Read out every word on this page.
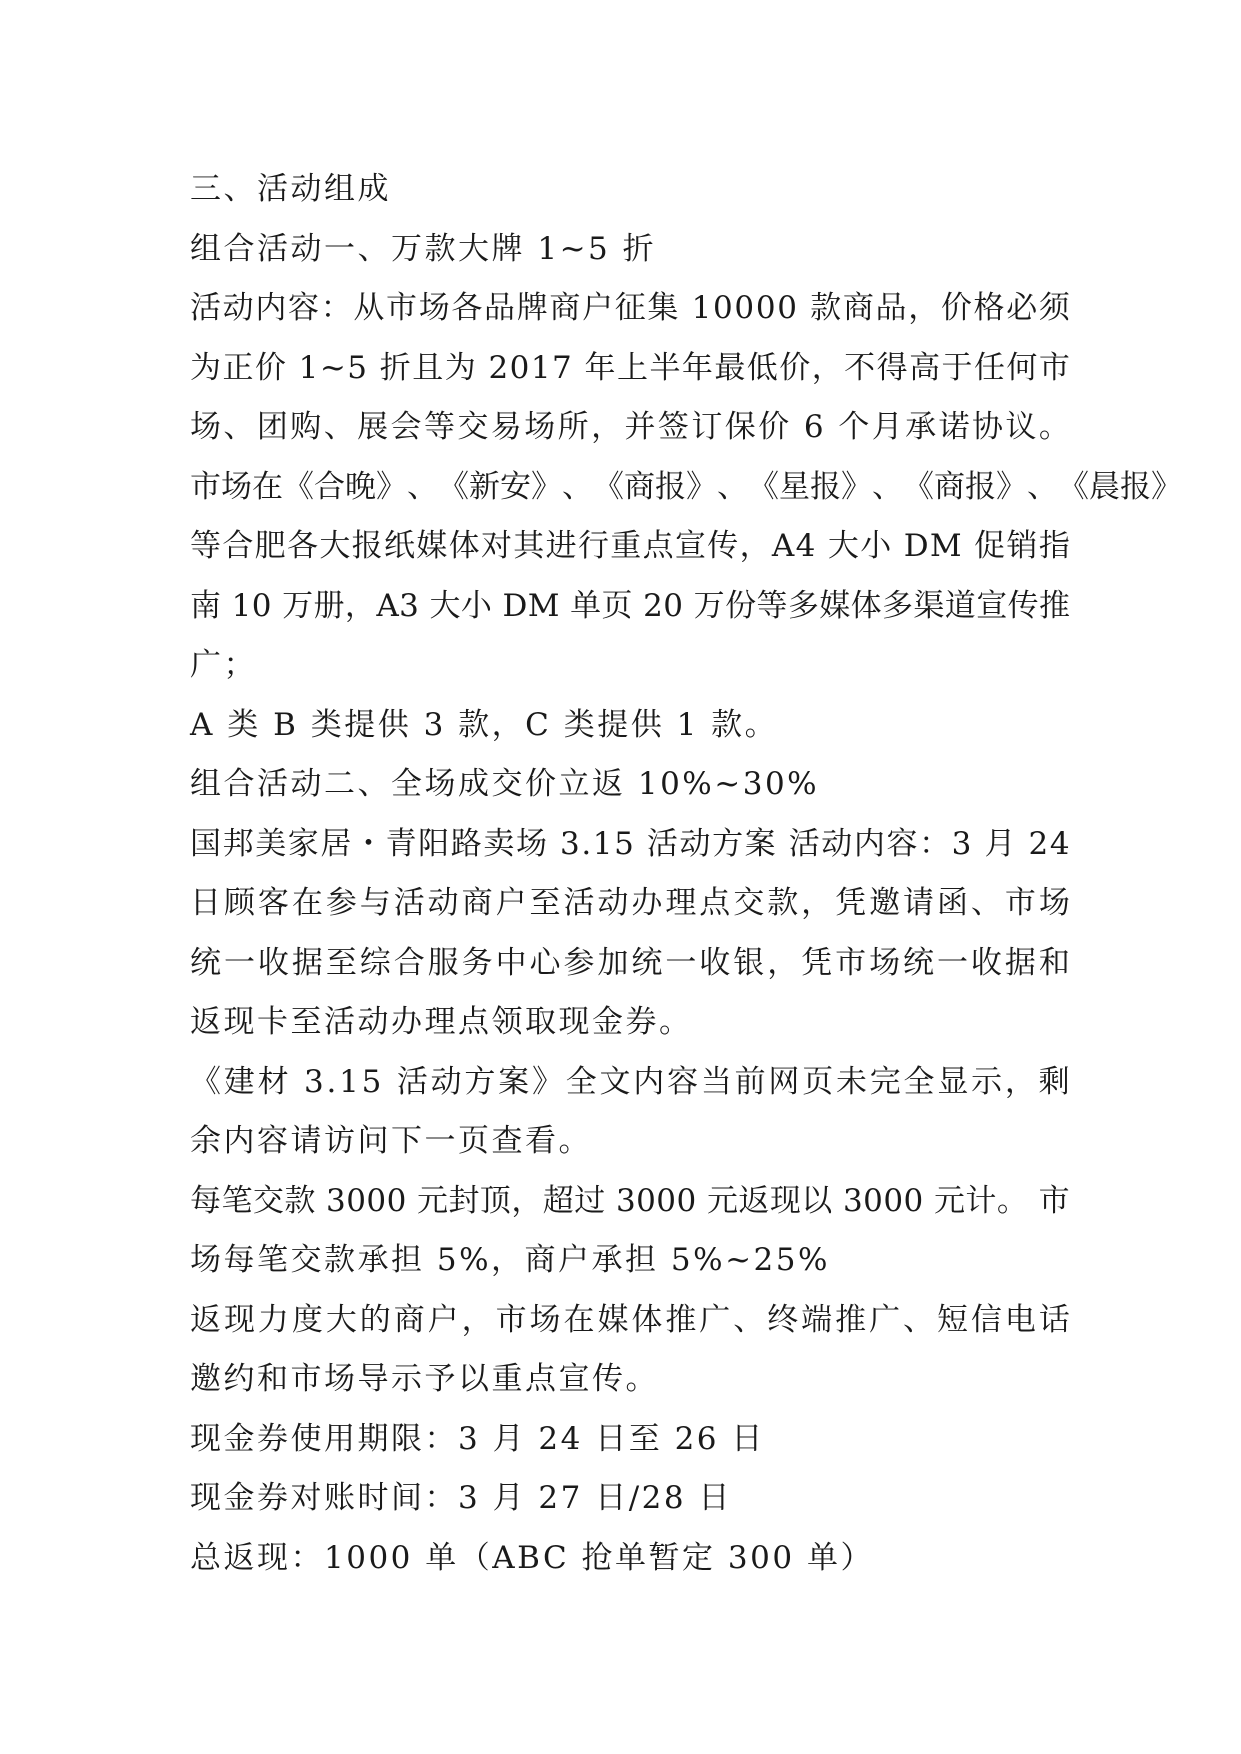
三、活动组成
组合活动一、万款大牌 1~5 折
活 动 内 容 ： 从 市 场 各 品 牌 商 户 征 集
1 0 0 0 0
款 商 品 ， 价 格 必 须
为 正 价
1 ~ 5
折 且 为
2 0 1 7
年 上 半 年 最 低 价 ， 不 得 高 于 任 何 市
场 、 团 购 、 展 会 等 交 易 场 所 ， 并 签 订 保 价
6
个 月 承 诺 协 议 。
市 场 在 《 合 晚 》 、 《 新 安 》 、 《 商 报 》 、 《 星 报 》 、 《 商 报 》 、 《 晨 报 》
等 合 肥 各 大 报 纸 媒 体 对 其 进 行 重 点 宣 传 ， A 4
大 小
D M
促 销 指
南
1 0
万 册 ， A 3
大 小
D M
单 页
2 0
万 份 等 多 媒 体 多 渠 道 宣 传 推
广；
A 类 B 类提供 3 款，C 类提供 1 款。
组合活动二、全场成交价立返 10%~30%
国 邦 美 家 居 ・ 青 阳 路 卖 场
3 . 1 5
活 动 方 案
活 动 内 容 ： 3
月
2 4
日 顾 客 在 参 与 活 动 商 户 至 活 动 办 理 点 交 款 ， 凭 邀 请 函 、 市 场
统 一 收 据 至 综 合 服 务 中 心 参 加 统 一 收 银 ， 凭 市 场 统 一 收 据 和
返现卡至活动办理点领取现金券。
《 建 材
3 . 1 5
活 动 方 案 》 全 文 内 容 当 前 网 页 未 完 全 显 示 ， 剩
余内容请访问下一页查看。
每 笔 交 款
3 0 0 0
元 封 顶 ， 超 过
3 0 0 0
元 返 现 以
3 0 0 0
元 计 。
市
场每笔交款承担 5%，商户承担 5%~25%
返 现 力 度 大 的 商 户 ， 市 场 在 媒 体 推 广 、 终 端 推 广 、 短 信 电 话
邀约和市场导示予以重点宣传。
现金券使用期限：3 月 24 日至 26 日
现金券对账时间：3 月 27 日/28 日
总返现：1000 单（ABC 抢单暂定 300 单）
